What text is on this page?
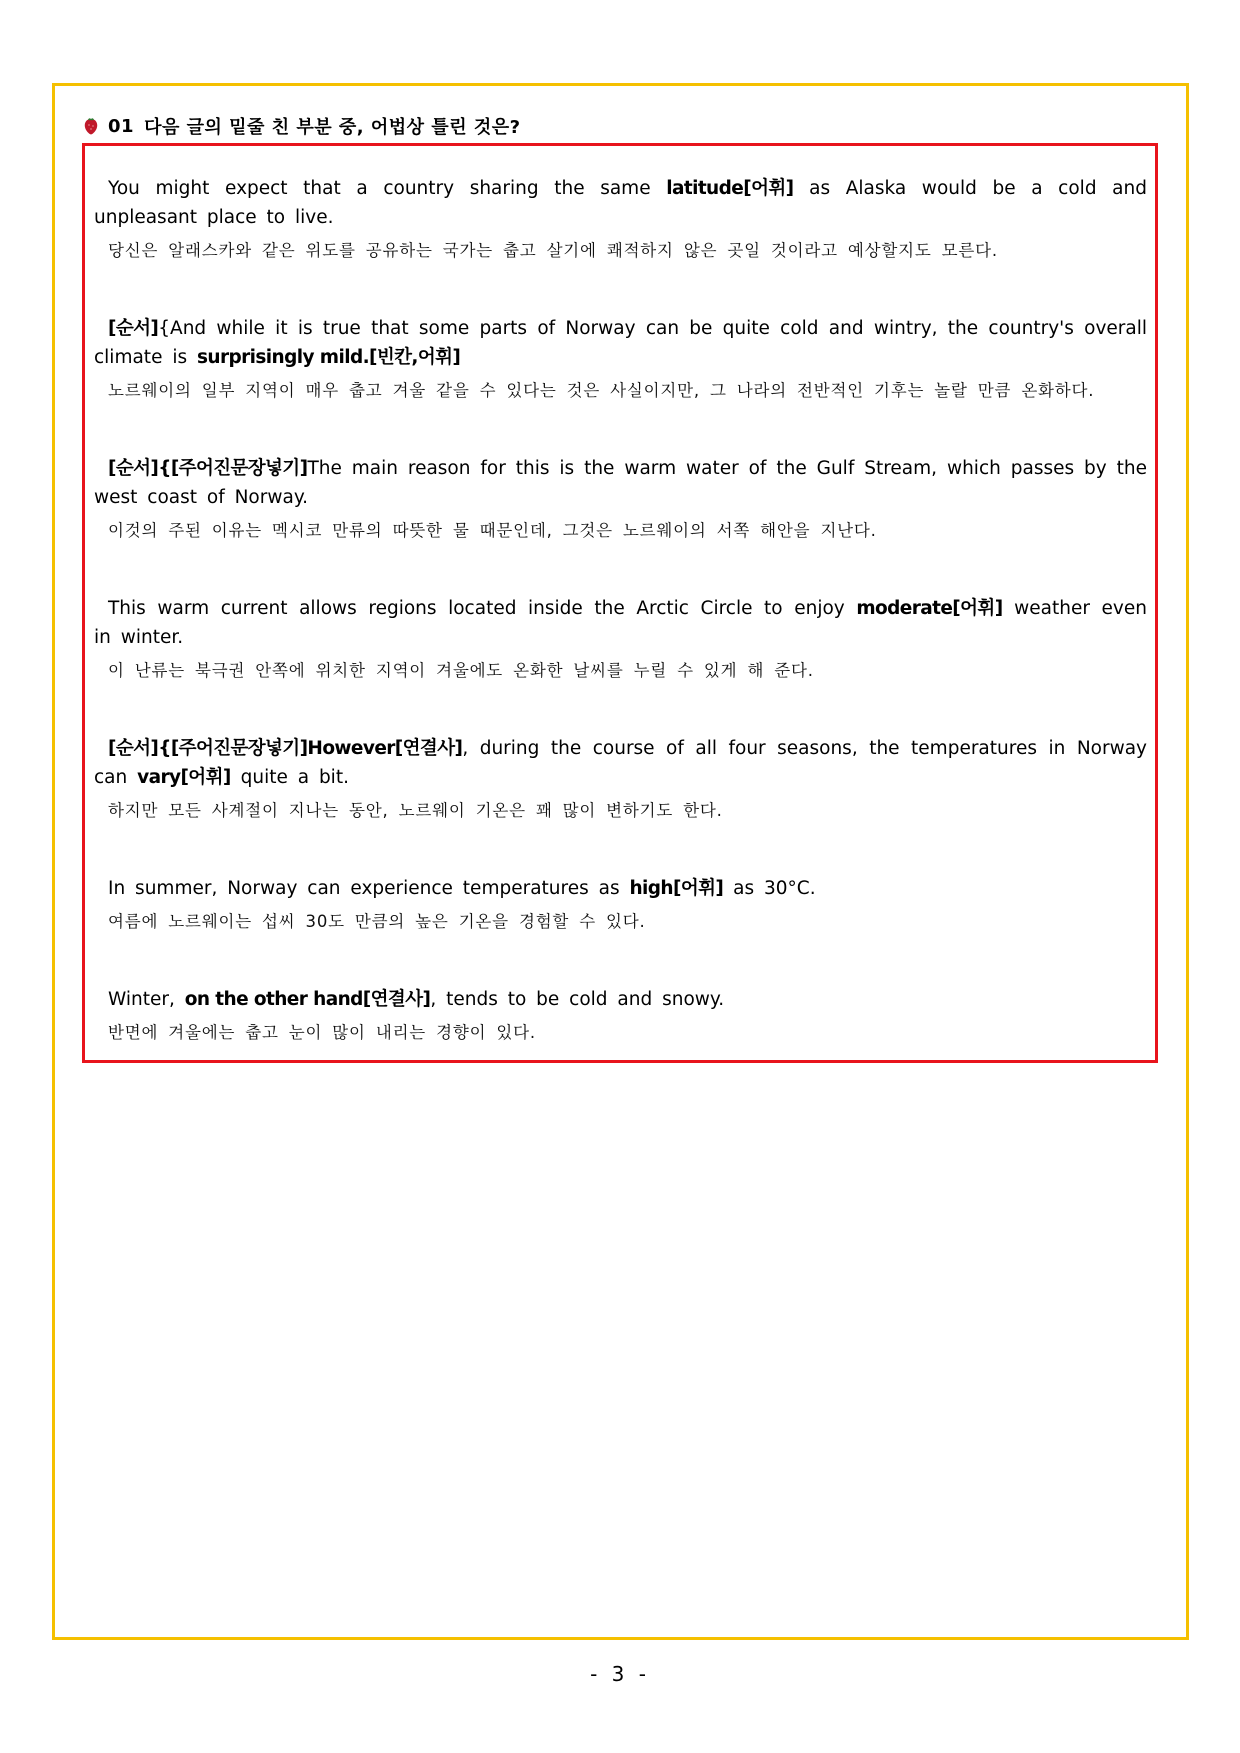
01 다음 글의 밑줄 친 부분 중, 어법상 틀린 것은?
You might expect that a country sharing the same latitude[어휘] as Alaska would be a cold and unpleasant place to live.
당신은 알래스카와 같은 위도를 공유하는 국가는 춥고 살기에 쾌적하지 않은 곳일 것이라고 예상할지도 모른다.
[순서]{And while it is true that some parts of Norway can be quite cold and wintry, the country's overall climate is surprisingly mild.[빈칸,어휘]
노르웨이의 일부 지역이 매우 춥고 겨울 같을 수 있다는 것은 사실이지만, 그 나라의 전반적인 기후는 놀랄 만큼 온화하다.
[순서]{[주어진문장넣기]The main reason for this is the warm water of the Gulf Stream, which passes by the west coast of Norway.
이것의 주된 이유는 멕시코 만류의 따뜻한 물 때문인데, 그것은 노르웨이의 서쪽 해안을 지난다.
This warm current allows regions located inside the Arctic Circle to enjoy moderate[어휘] weather even in winter.
이 난류는 북극권 안쪽에 위치한 지역이 겨울에도 온화한 날씨를 누릴 수 있게 해 준다.
[순서]{[주어진문장넣기]However[연결사], during the course of all four seasons, the temperatures in Norway can vary[어휘] quite a bit.
하지만 모든 사계절이 지나는 동안, 노르웨이 기온은 꽤 많이 변하기도 한다.
In summer, Norway can experience temperatures as high[어휘] as 30°C.
여름에 노르웨이는 섭씨 30도 만큼의 높은 기온을 경험할 수 있다.
Winter, on the other hand[연결사], tends to be cold and snowy.
반면에 겨울에는 춥고 눈이 많이 내리는 경향이 있다.
- 3 -
